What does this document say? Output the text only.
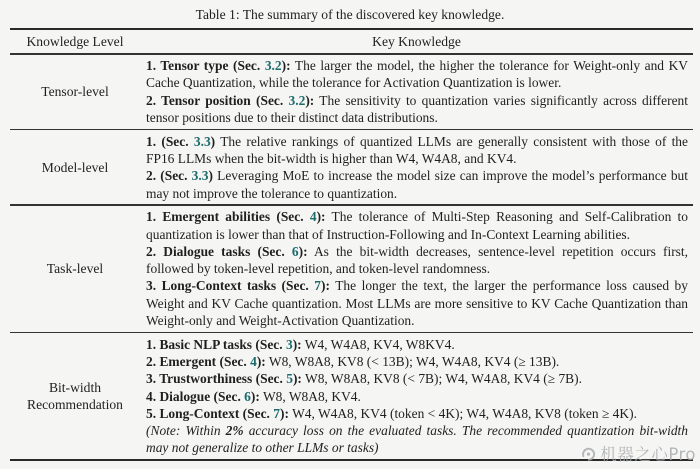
Table 1: The summary of the discovered key knowledge.
Knowledge Level	Key Knowledge
Tensor-level

1. Tensor type (Sec. 3.2): The larger the model, the higher the tolerance for Weight-only and KV Cache Quantization, while the tolerance for Activation Quantization is lower.

2. Tensor position (Sec. 3.2): The sensitivity to quantization varies significantly across different tensor positions due to their distinct data distributions.

Model-level

1. (Sec. 3.3) The relative rankings of quantized LLMs are generally consistent with those of the FP16 LLMs when the bit-width is higher than W4, W4A8, and KV4.

2. (Sec. 3.3) Leveraging MoE to increase the model size can improve the model’s performance but may not improve the tolerance to quantization.

Task-level

1. Emergent abilities (Sec. 4): The tolerance of Multi-Step Reasoning and Self-Calibration to quantization is lower than that of Instruction-Following and In-Context Learning abilities.

2. Dialogue tasks (Sec. 6): As the bit-width decreases, sentence-level repetition occurs first, followed by token-level repetition, and token-level randomness.

3. Long-Context tasks (Sec. 7): The longer the text, the larger the performance loss caused by Weight and KV Cache quantization. Most LLMs are more sensitive to KV Cache Quantization than Weight-only and Weight-Activation Quantization.

Bit-width Recommendation

1. Basic NLP tasks (Sec. 3): W4, W4A8, KV4, W8KV4.

2. Emergent (Sec. 4): W8, W8A8, KV8 (< 13B); W4, W4A8, KV4 (≥ 13B).

3. Trustworthiness (Sec. 5): W8, W8A8, KV8 (< 7B); W4, W4A8, KV4 (≥ 7B).

4. Dialogue (Sec. 6): W8, W8A8, KV4.

5. Long-Context (Sec. 7): W4, W4A8, KV4 (token < 4K); W4, W4A8, KV8 (token ≥ 4K).

(Note: Within 2% accuracy loss on the evaluated tasks. The recommended quantization bit-width may not generalize to other LLMs or tasks)	机器之心Pro
